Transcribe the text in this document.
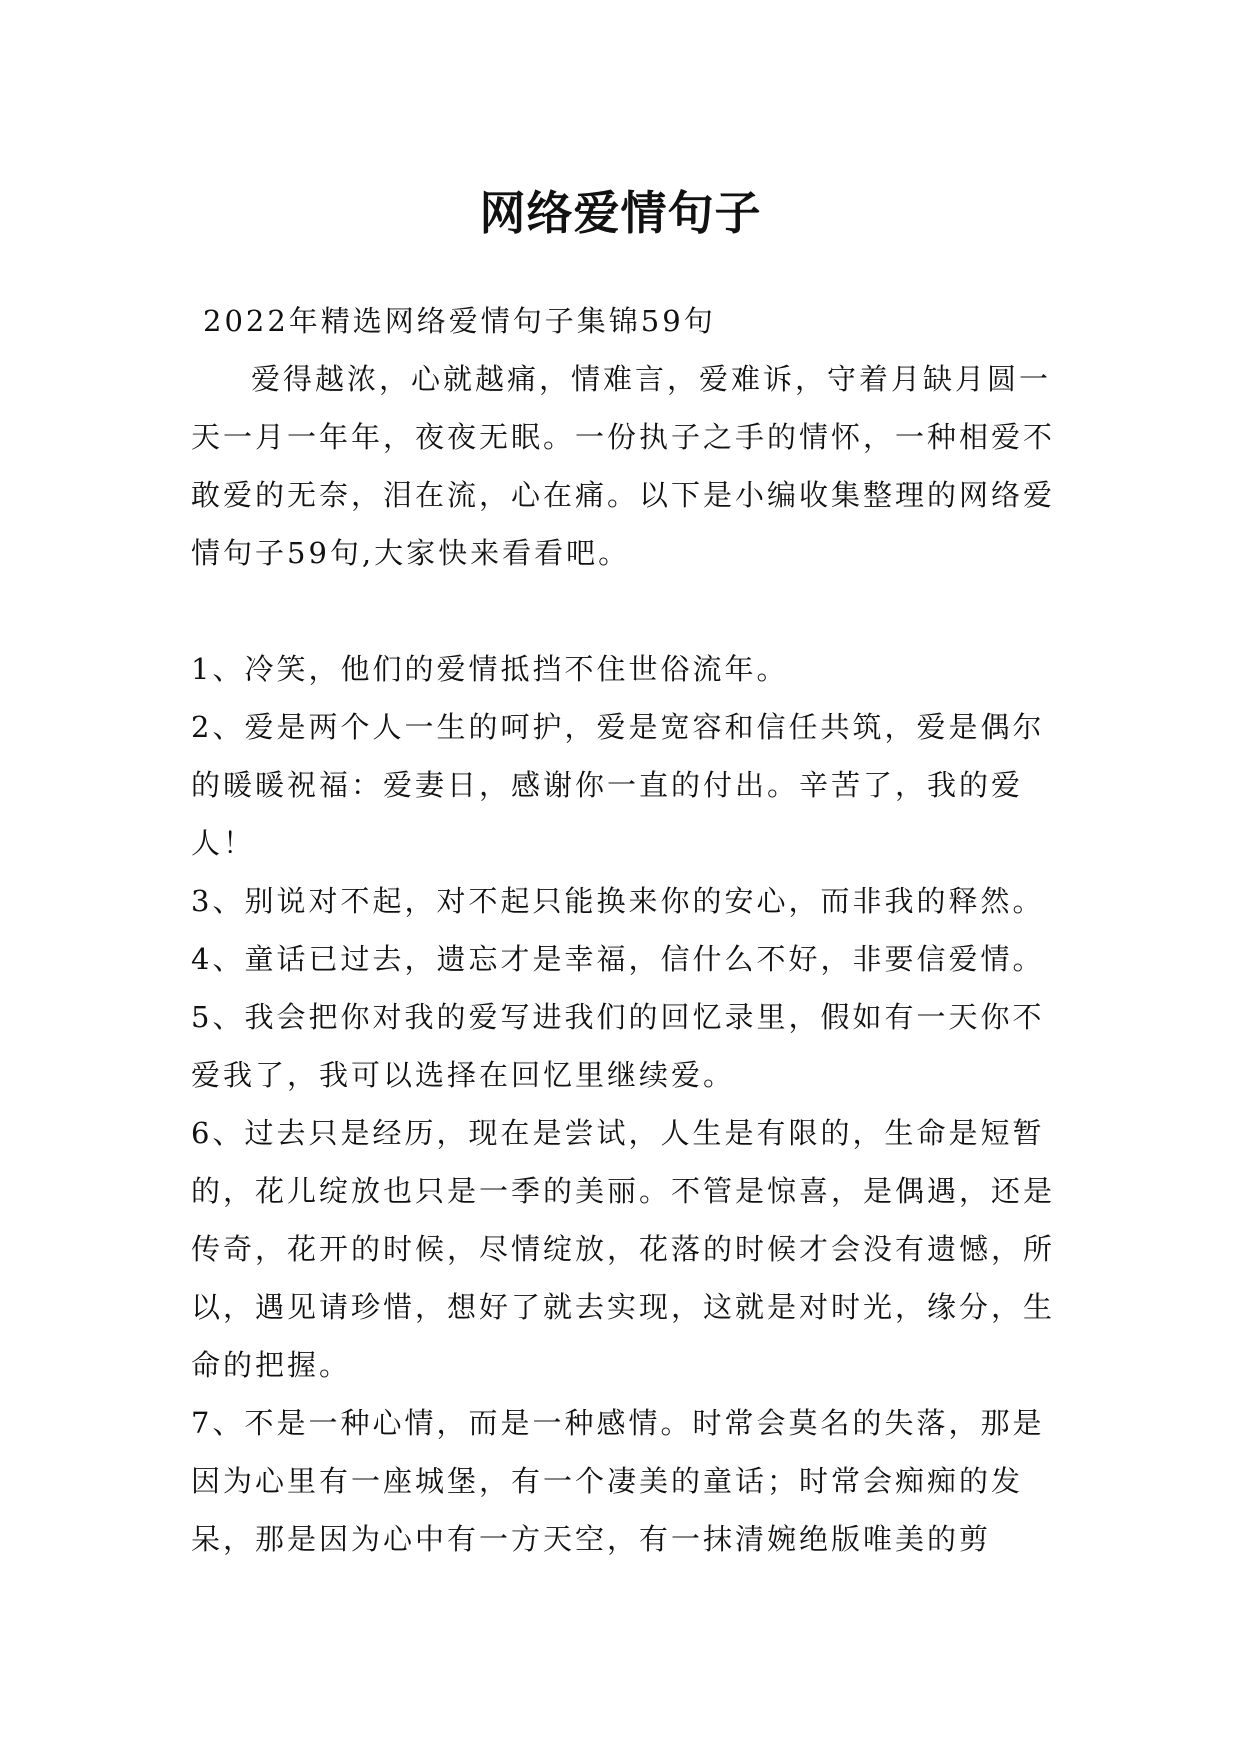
网络爱情句子

2022年精选网络爱情句子集锦59句

爱得越浓，心就越痛，情难言，爱难诉，守着月缺月圆一天一月一年年，夜夜无眠。一份执子之手的情怀，一种相爱不敢爱的无奈，泪在流，心在痛。以下是小编收集整理的网络爱情句子59句,大家快来看看吧。

1、冷笑，他们的爱情抵挡不住世俗流年。
2、爱是两个人一生的呵护，爱是宽容和信任共筑，爱是偶尔的暖暖祝福：爱妻日，感谢你一直的付出。辛苦了，我的爱人！
3、别说对不起，对不起只能换来你的安心，而非我的释然。
4、童话已过去，遗忘才是幸福，信什么不好，非要信爱情。
5、我会把你对我的爱写进我们的回忆录里，假如有一天你不爱我了，我可以选择在回忆里继续爱。
6、过去只是经历，现在是尝试，人生是有限的，生命是短暂的，花儿绽放也只是一季的美丽。不管是惊喜，是偶遇，还是传奇，花开的时候，尽情绽放，花落的时候才会没有遗憾，所以，遇见请珍惜，想好了就去实现，这就是对时光，缘分，生命的把握。
7、不是一种心情，而是一种感情。时常会莫名的失落，那是因为心里有一座城堡，有一个凄美的童话；时常会痴痴的发呆，那是因为心中有一方天空，有一抹清婉绝版唯美的剪
